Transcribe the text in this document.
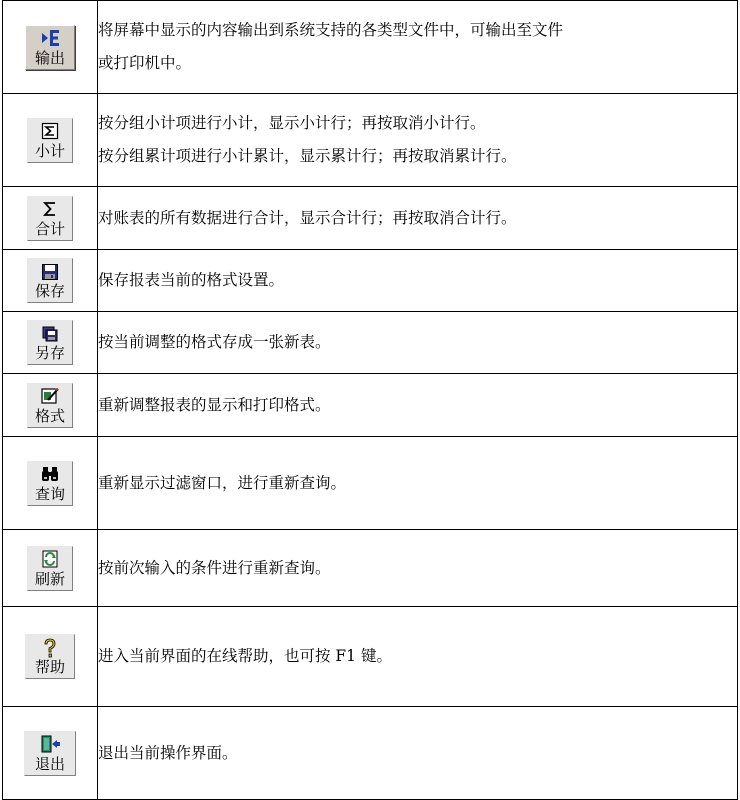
输出	将屏幕中显示的内容输出到系统支持的各类型文件中，可输出至文件
或打印机中。

小计	按分组小计项进行小计，显示小计行；再按取消小计行。
按分组累计项进行小计累计，显示累计行；再按取消累计行。

合计	对账表的所有数据进行合计，显示合计行；再按取消合计行。

保存	保存报表当前的格式设置。

另存	按当前调整的格式存成一张新表。

格式	重新调整报表的显示和打印格式。

查询	重新显示过滤窗口，进行重新查询。

刷新	按前次输入的条件进行重新查询。

帮助	进入当前界面的在线帮助，也可按 F1 键。

退出	退出当前操作界面。
